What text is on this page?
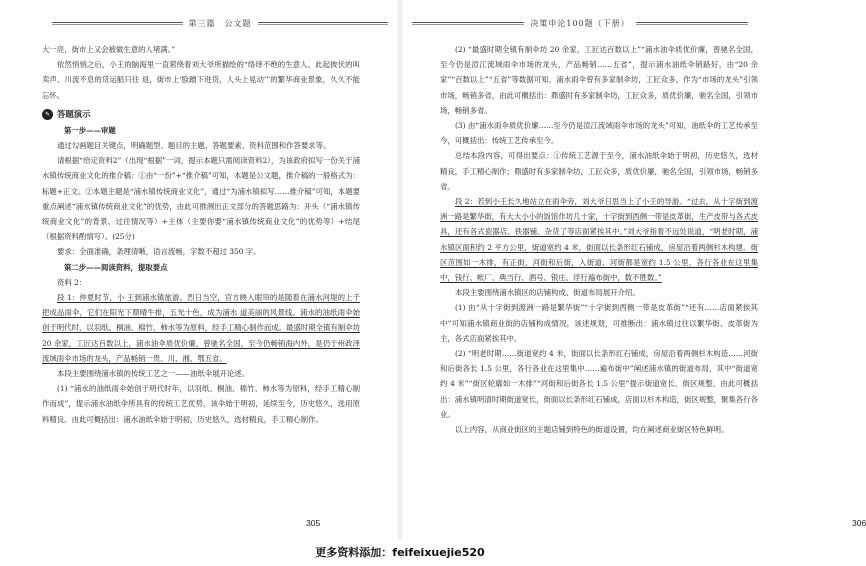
第三篇　公文题

大一亮，街市上又会被做生意的人堵满。”

依然悄悄之后，小王的脑海里一直萦绕着刘大爷所描绘的“络绎不绝的生意人、此起彼伏的叫卖声、川流不息的货运船只往 返，街市上‘脸蹭下进货，人头上晃动’”的繁华商业景象，久久不能忘怀。

✎ 答题演示

第一步——审题

通过勾画题目关键点，明确题型、题目的主题、答题要素、资料范围和作答要求等。

请根据“给定资料2”（出现“根据”一词，提示本题只需阅读资料2），为该政府拟写一份关于浦水镇传统商业文化的推介稿：①由“一份”+“推介稿”可知，本题是公文题，推介稿的一般格式为：标题+正文。②本题主题是“浦水镇传统商业文化”，通过“为浦水镇拟写……推介稿”可知，本题要重点阐述“浦水镇传统商业文化”的优势，由此可推测出正文部分的答题思路为：开头（“浦水镇传统商业文化”的背景、过往情况等）+主体（主要你要“浦水镇传统商业文化”的优势等）+结尾（根据资料酌情写）。(25分)

要求：全面准确，条理清晰，语言流畅，字数不超过 350 字。

第二步——阅读资料，提取要点

资料 2：

段 1：仲夏时节，小 王到浦水镇旅游。烈日当空，官方映入眼帘的是随着在浦水河堤的上千把成品雨伞，它们在阳光下鼎晴牛排，五光十色，成为浦水 道美丽的风景线。浦水的油纸雨伞始创于明代时，以羽纸、桐油、棉竹、柿水等为原料，经手工精心制作而成。最盛时期全镇有制伞坊 20 余家，工匠达百数以上，浦水油伞质优价廉，曾驰名全国，至今仍畅销海内外，是仍于州政泽流域雨伞市场的龙头，产品畅销一贵、川、湘、鄂五省。

本段主要围绕浦水镇的传统工艺之一——油纸伞展开论述。

(1) “浦水的油纸雨伞始创于明代时年，以羽纸、桐油、棉竹、柿水等为原料，经手工精心制作而成”，提示浦水油纸伞所具有的传统工艺优势，该伞始于明初，延续至今，历史悠久，选用原料精良。由此可概括出：浦水油纸伞始于明初，历史悠久，选材精良，手工精心制作。

305
决策申论100题（下册）
306

(2) “最盛时期全镇有制伞坊 20 余家，工匠达百数以上”“浦水油伞质优价廉，曾驰名全国，至今仍是渲江流域雨伞市场的龙头，产品畅销……五省”，提示浦水油纸伞销路好，由“20 余家”“百数以上”“五省”等数据可知，浦水雨伞曾有多家制伞坊，工匠众多，作为“市场的龙头”引领市场，畅销多省，由此可概括出：鼎盛时有多家制伞坊，工匠众多，质优价廉，驰名全国，引领市场，畅销多省。

(3) 由“浦水雨伞质优价廉……至今仍是渲江流域雨伞市场的龙头”可知，油纸伞的工艺传承至今，可概括出：传统工艺传承至今。

总结本段内容，可得出要点：①传统工艺源于至今，浦水油纸伞始于明初，历史悠久，选材精良，手工精心制作；鼎盛时有多家制伞坊，工匠众多，质优价廉，驰名全国，引领市场，畅销多省。

段 2：若到小王长久地站立在雨伞旁，刘大爷日思当上了小王的导游。“过去，从十字街到渡洲一路是繁华街，有大大小小的饭馆作坊几十家，十字街到西侧一带是皮革街，生产皮带与各式皮具，还有各式瓷器店、铁器铺、杂货了等店面紧挨其中。”刘大爷指着不远处说道，“明老时期，浦水镇区面积约 2 平方公里，街道宽约 4 米，街面以长条形红石铺成，房屋沿着两侧杉木构建。街区范围如一木排，有正街，河街和后街，入街道、河街都是宽约 1.5 公里，各行各业在这里集中，钱行、帐厂、典当行、酒号、银庄、浮行遍布街中，数不胜数。”

本段主要围绕浦水镇区的店铺构成、街道布局展开介绍。

(1) 由“从十字街到渡洲一路是繁华街”“十字街到西侧一带是皮革街”“还有……店面紧挨其中”可知浦水镇商业街的店铺构成情况，该述规划，可推断出：浦水镇过往以繁华街、皮革街为主，各式店面紧挨其中。

(2) “明老时期……街道宽约 4 米，街面以长条形红石铺成，房屋沿着两侧杉木构造……河街和后街各长 1.5 公里，各行各业在这里集中……遍布街中”阐述浦水镇的街道布局，其中“街道宽约 4 米”“街区轮廓如一木排”“河街和后街各长 1.5 公里”提示街道宽长、街区规整，由此可概括出：浦水镇明清时期街道宽长，街面以长条形红石铺成，店面以杉木构造，街区规整，聚集各行各业。

以上内容，从商业街区的主题店铺到特色的街道设置，均在阐述商业街区特色鲜明。

更多资料添加：feifeixuejie520
